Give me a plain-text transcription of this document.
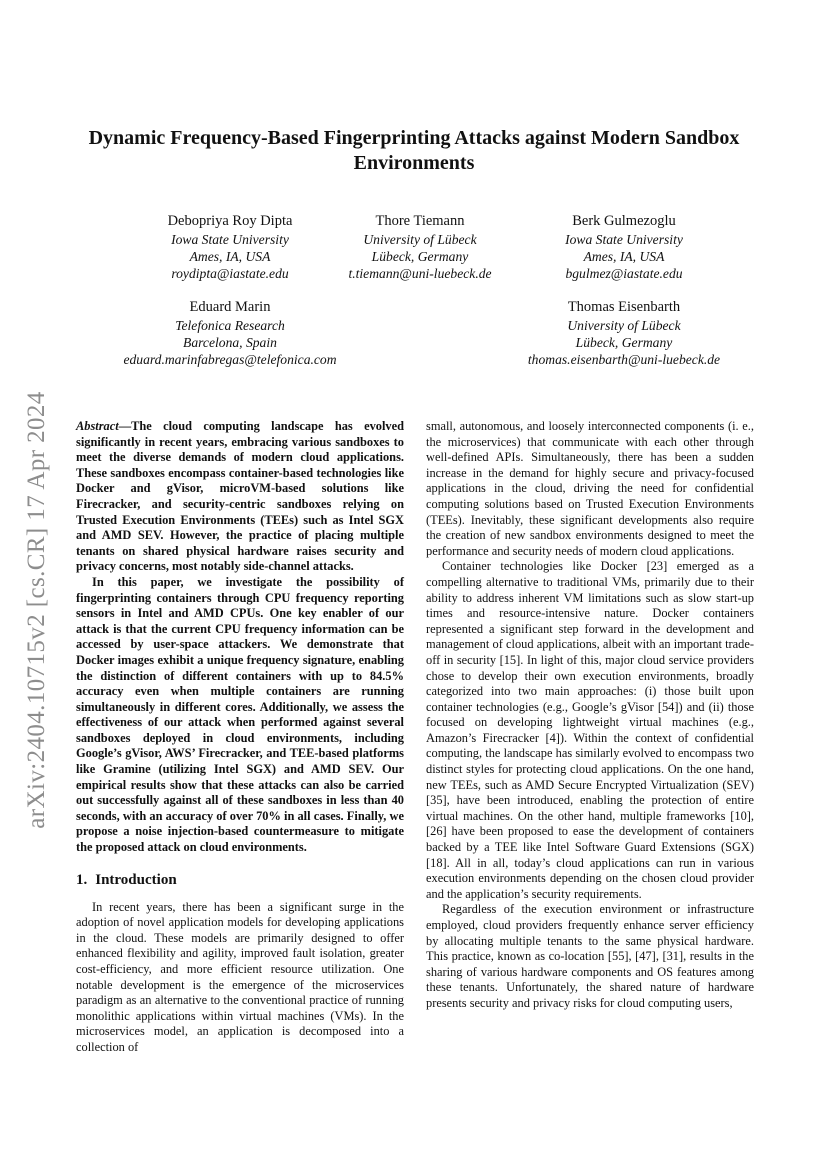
arXiv:2404.10715v2 [cs.CR] 17 Apr 2024
Dynamic Frequency-Based Fingerprinting Attacks against Modern Sandbox Environments
Debopriya Roy Dipta
Iowa State University
Ames, IA, USA
roydipta@iastate.edu
Thore Tiemann
University of Lübeck
Lübeck, Germany
t.tiemann@uni-luebeck.de
Berk Gulmezoglu
Iowa State University
Ames, IA, USA
bgulmez@iastate.edu
Eduard Marin
Telefonica Research
Barcelona, Spain
eduard.marinfabregas@telefonica.com
Thomas Eisenbarth
University of Lübeck
Lübeck, Germany
thomas.eisenbarth@uni-luebeck.de

Abstract—The cloud computing landscape has evolved significantly in recent years, embracing various sandboxes to meet the diverse demands of modern cloud applications. These sandboxes encompass container-based technologies like Docker and gVisor, microVM-based solutions like Firecracker, and security-centric sandboxes relying on Trusted Execution Environments (TEEs) such as Intel SGX and AMD SEV. However, the practice of placing multiple tenants on shared physical hardware raises security and privacy concerns, most notably side-channel attacks.

In this paper, we investigate the possibility of fingerprinting containers through CPU frequency reporting sensors in Intel and AMD CPUs. One key enabler of our attack is that the current CPU frequency information can be accessed by user-space attackers. We demonstrate that Docker images exhibit a unique frequency signature, enabling the distinction of different containers with up to 84.5% accuracy even when multiple containers are running simultaneously in different cores. Additionally, we assess the effectiveness of our attack when performed against several sandboxes deployed in cloud environments, including Google’s gVisor, AWS’ Firecracker, and TEE-based platforms like Gramine (utilizing Intel SGX) and AMD SEV. Our empirical results show that these attacks can also be carried out successfully against all of these sandboxes in less than 40 seconds, with an accuracy of over 70% in all cases. Finally, we propose a noise injection-based countermeasure to mitigate the proposed attack on cloud environments.

1. Introduction

In recent years, there has been a significant surge in the adoption of novel application models for developing applications in the cloud. These models are primarily designed to offer enhanced flexibility and agility, improved fault isolation, greater cost-efficiency, and more efficient resource utilization. One notable development is the emergence of the microservices paradigm as an alternative to the conventional practice of running monolithic applications within virtual machines (VMs). In the microservices model, an application is decomposed into a collection of

small, autonomous, and loosely interconnected components (i. e., the microservices) that communicate with each other through well-defined APIs. Simultaneously, there has been a sudden increase in the demand for highly secure and privacy-focused applications in the cloud, driving the need for confidential computing solutions based on Trusted Execution Environments (TEEs). Inevitably, these significant developments also require the creation of new sandbox environments designed to meet the performance and security needs of modern cloud applications.

Container technologies like Docker [23] emerged as a compelling alternative to traditional VMs, primarily due to their ability to address inherent VM limitations such as slow start-up times and resource-intensive nature. Docker containers represented a significant step forward in the development and management of cloud applications, albeit with an important trade-off in security [15]. In light of this, major cloud service providers chose to develop their own execution environments, broadly categorized into two main approaches: (i) those built upon container technologies (e.g., Google’s gVisor [54]) and (ii) those focused on developing lightweight virtual machines (e.g., Amazon’s Firecracker [4]). Within the context of confidential computing, the landscape has similarly evolved to encompass two distinct styles for protecting cloud applications. On the one hand, new TEEs, such as AMD Secure Encrypted Virtualization (SEV) [35], have been introduced, enabling the protection of entire virtual machines. On the other hand, multiple frameworks [10], [26] have been proposed to ease the development of containers backed by a TEE like Intel Software Guard Extensions (SGX) [18]. All in all, today’s cloud applications can run in various execution environments depending on the chosen cloud provider and the application’s security requirements.

Regardless of the execution environment or infrastructure employed, cloud providers frequently enhance server efficiency by allocating multiple tenants to the same physical hardware. This practice, known as co-location [55], [47], [31], results in the sharing of various hardware components and OS features among these tenants. Unfortunately, the shared nature of hardware presents security and privacy risks for cloud computing users,
